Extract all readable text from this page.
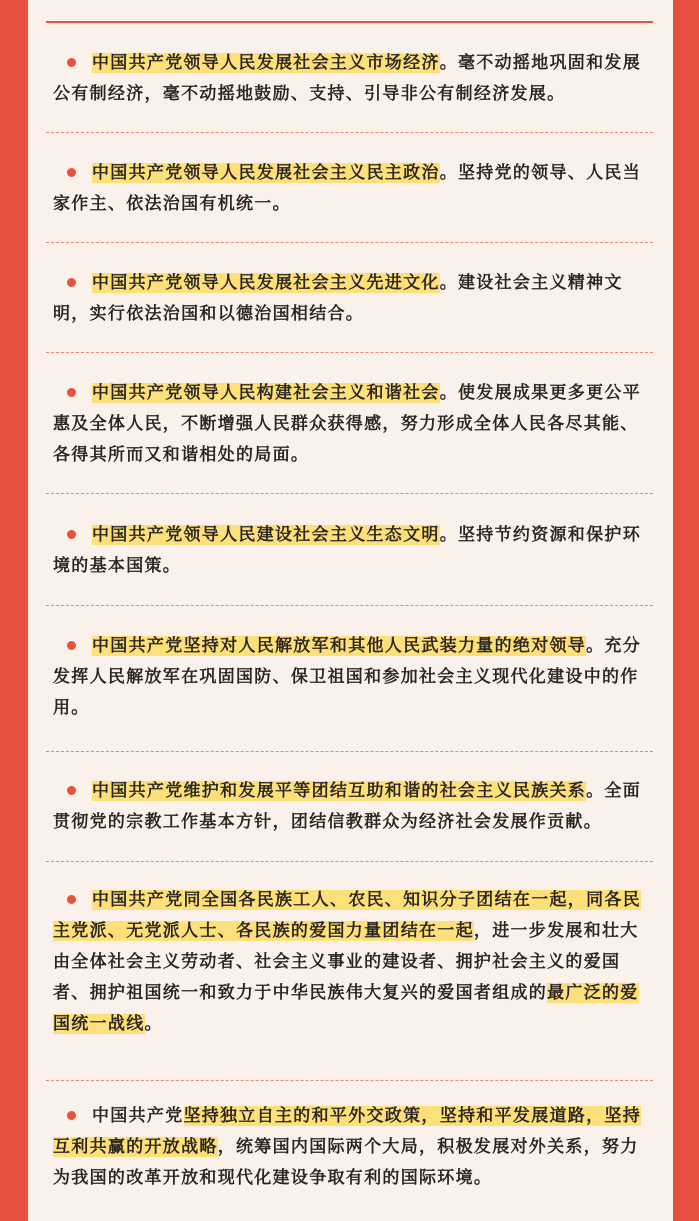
中国共产党领导人民发展社会主义市场经济。毫不动摇地巩固和发展公有制经济，毫不动摇地鼓励、支持、引导非公有制经济发展。
中国共产党领导人民发展社会主义民主政治。坚持党的领导、人民当家作主、依法治国有机统一。
中国共产党领导人民发展社会主义先进文化。建设社会主义精神文明，实行依法治国和以德治国相结合。
中国共产党领导人民构建社会主义和谐社会。使发展成果更多更公平惠及全体人民，不断增强人民群众获得感，努力形成全体人民各尽其能、各得其所而又和谐相处的局面。
中国共产党领导人民建设社会主义生态文明。坚持节约资源和保护环境的基本国策。
中国共产党坚持对人民解放军和其他人民武装力量的绝对领导。充分发挥人民解放军在巩固国防、保卫祖国和参加社会主义现代化建设中的作用。
中国共产党维护和发展平等团结互助和谐的社会主义民族关系。全面贯彻党的宗教工作基本方针，团结信教群众为经济社会发展作贡献。
中国共产党同全国各民族工人、农民、知识分子团结在一起，同各民主党派、无党派人士、各民族的爱国力量团结在一起，进一步发展和壮大由全体社会主义劳动者、社会主义事业的建设者、拥护社会主义的爱国者、拥护祖国统一和致力于中华民族伟大复兴的爱国者组成的最广泛的爱国统一战线。
中国共产党坚持独立自主的和平外交政策，坚持和平发展道路，坚持互利共赢的开放战略，统筹国内国际两个大局，积极发展对外关系，努力为我国的改革开放和现代化建设争取有利的国际环境。
